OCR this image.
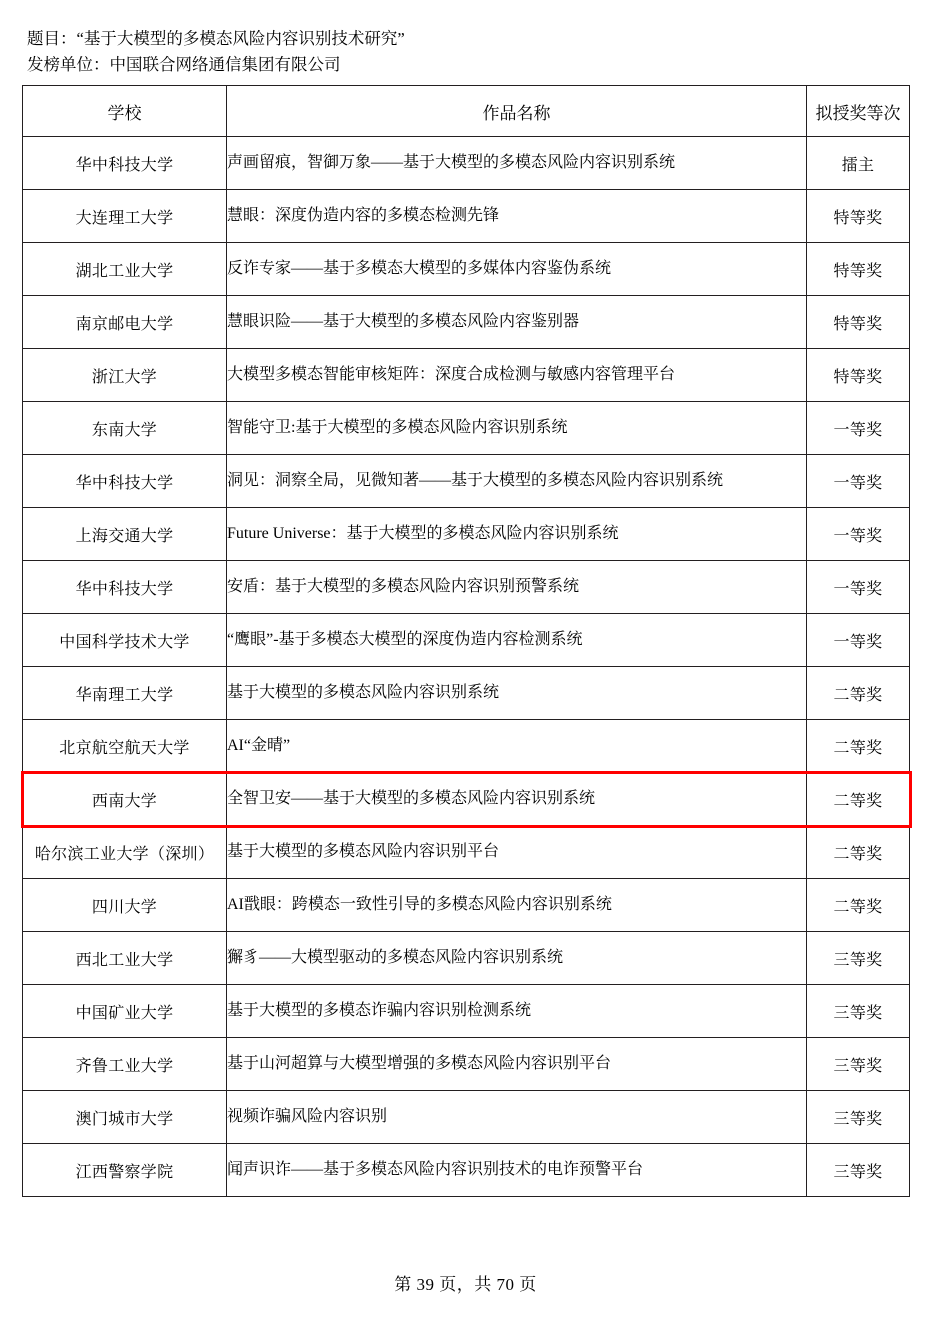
题目：“基于大模型的多模态风险内容识别技术研究”
发榜单位：中国联合网络通信集团有限公司
学校	作品名称	拟授奖等次
华中科技大学	声画留痕，智御万象——基于大模型的多模态风险内容识别系统	擂主
大连理工大学	慧眼：深度伪造内容的多模态检测先锋	特等奖
湖北工业大学	反诈专家——基于多模态大模型的多媒体内容鉴伪系统	特等奖
南京邮电大学	慧眼识险——基于大模型的多模态风险内容鉴别器	特等奖
浙江大学	大模型多模态智能审核矩阵：深度合成检测与敏感内容管理平台	特等奖
东南大学	智能守卫:基于大模型的多模态风险内容识别系统	一等奖
华中科技大学	洞见：洞察全局，见微知著——基于大模型的多模态风险内容识别系统	一等奖
上海交通大学	Future Universe：基于大模型的多模态风险内容识别系统	一等奖
华中科技大学	安盾：基于大模型的多模态风险内容识别预警系统	一等奖
中国科学技术大学	“鹰眼”-基于多模态大模型的深度伪造内容检测系统	一等奖
华南理工大学	基于大模型的多模态风险内容识别系统	二等奖
北京航空航天大学	AI“金晴”	二等奖
西南大学	全智卫安——基于大模型的多模态风险内容识别系统	二等奖
哈尔滨工业大学（深圳）	基于大模型的多模态风险内容识别平台	二等奖
四川大学	AI戬眼：跨模态一致性引导的多模态风险内容识别系统	二等奖
西北工业大学	獬豸——大模型驱动的多模态风险内容识别系统	三等奖
中国矿业大学	基于大模型的多模态诈骗内容识别检测系统	三等奖
齐鲁工业大学	基于山河超算与大模型增强的多模态风险内容识别平台	三等奖
澳门城市大学	视频诈骗风险内容识别	三等奖
江西警察学院	闻声识诈——基于多模态风险内容识别技术的电诈预警平台	三等奖
第 39 页，共 70 页
